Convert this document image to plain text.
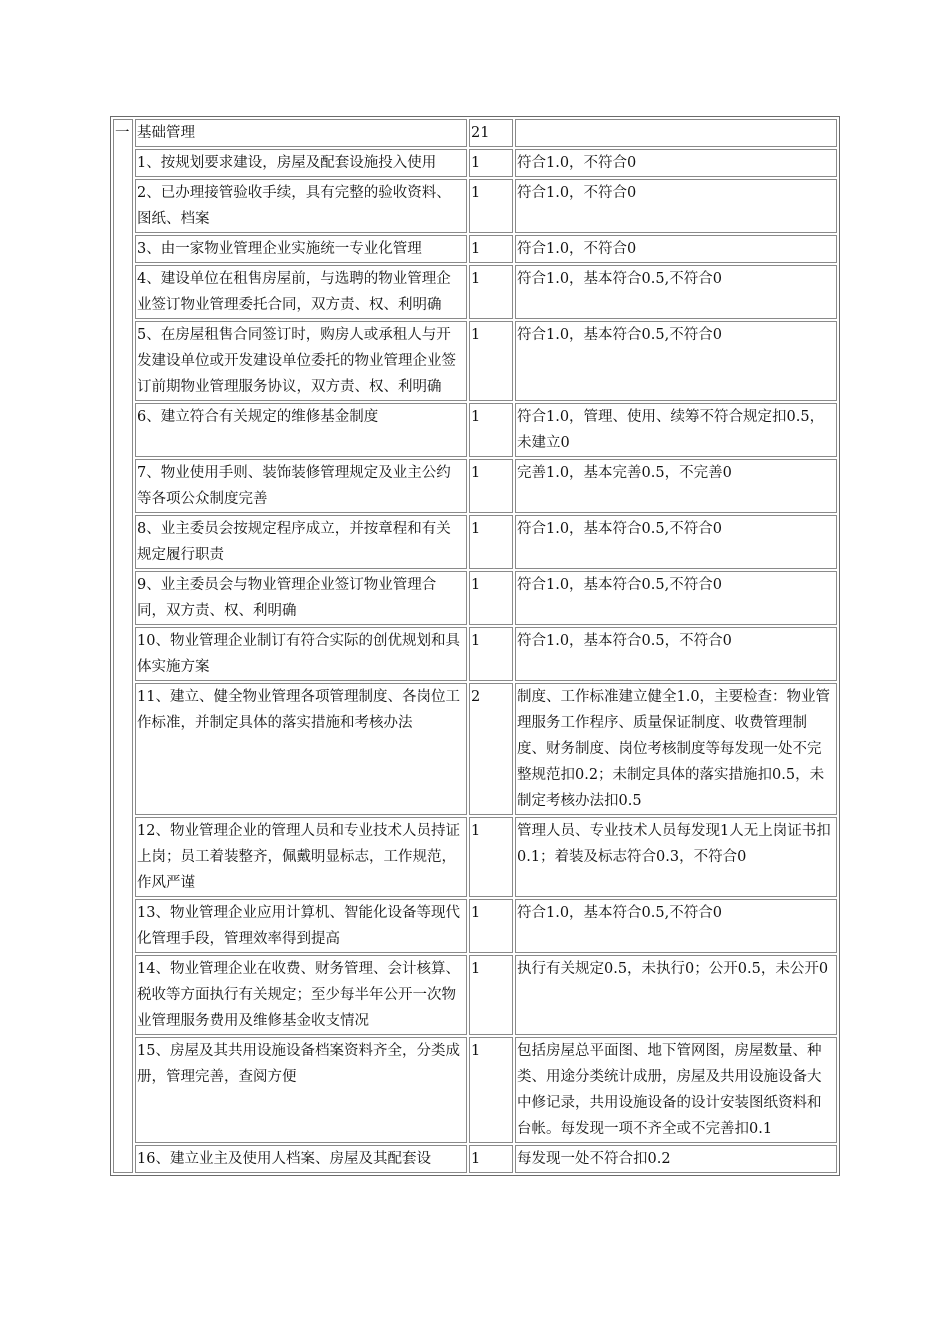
一	基础管理	21	
	1、按规划要求建设，房屋及配套设施投入使用	1	符合1.0，不符合0
	2、已办理接管验收手续，具有完整的验收资料、图纸、档案	1	符合1.0，不符合0
	3、由一家物业管理企业实施统一专业化管理	1	符合1.0，不符合0
	4、建设单位在租售房屋前，与选聘的物业管理企业签订物业管理委托合同，双方责、权、利明确	1	符合1.0，基本符合0.5,不符合0
	5、在房屋租售合同签订时，购房人或承租人与开发建设单位或开发建设单位委托的物业管理企业签订前期物业管理服务协议，双方责、权、利明确	1	符合1.0，基本符合0.5,不符合0
	6、建立符合有关规定的维修基金制度	1	符合1.0，管理、使用、续筹不符合规定扣0.5，未建立0
	7、物业使用手则、装饰装修管理规定及业主公约等各项公众制度完善	1	完善1.0，基本完善0.5，不完善0
	8、业主委员会按规定程序成立，并按章程和有关规定履行职责	1	符合1.0，基本符合0.5,不符合0
	9、业主委员会与物业管理企业签订物业管理合同，双方责、权、利明确	1	符合1.0，基本符合0.5,不符合0
	10、物业管理企业制订有符合实际的创优规划和具体实施方案	1	符合1.0，基本符合0.5，不符合0
	11、建立、健全物业管理各项管理制度、各岗位工作标准，并制定具体的落实措施和考核办法	2	制度、工作标准建立健全1.0，主要检查：物业管理服务工作程序、质量保证制度、收费管理制度、财务制度、岗位考核制度等每发现一处不完整规范扣0.2；未制定具体的落实措施扣0.5，未制定考核办法扣0.5
	12、物业管理企业的管理人员和专业技术人员持证上岗；员工着装整齐，佩戴明显标志，工作规范，作风严谨	1	管理人员、专业技术人员每发现1人无上岗证书扣0.1；着装及标志符合0.3，不符合0
	13、物业管理企业应用计算机、智能化设备等现代化管理手段，管理效率得到提高	1	符合1.0，基本符合0.5,不符合0
	14、物业管理企业在收费、财务管理、会计核算、税收等方面执行有关规定；至少每半年公开一次物业管理服务费用及维修基金收支情况	1	执行有关规定0.5，未执行0；公开0.5，未公开0
	15、房屋及其共用设施设备档案资料齐全，分类成册，管理完善，查阅方便	1	包括房屋总平面图、地下管网图，房屋数量、种类、用途分类统计成册，房屋及共用设施设备大中修记录，共用设施设备的设计安装图纸资料和台帐。每发现一项不齐全或不完善扣0.1
	16、建立业主及使用人档案、房屋及其配套设	1	每发现一处不符合扣0.2
